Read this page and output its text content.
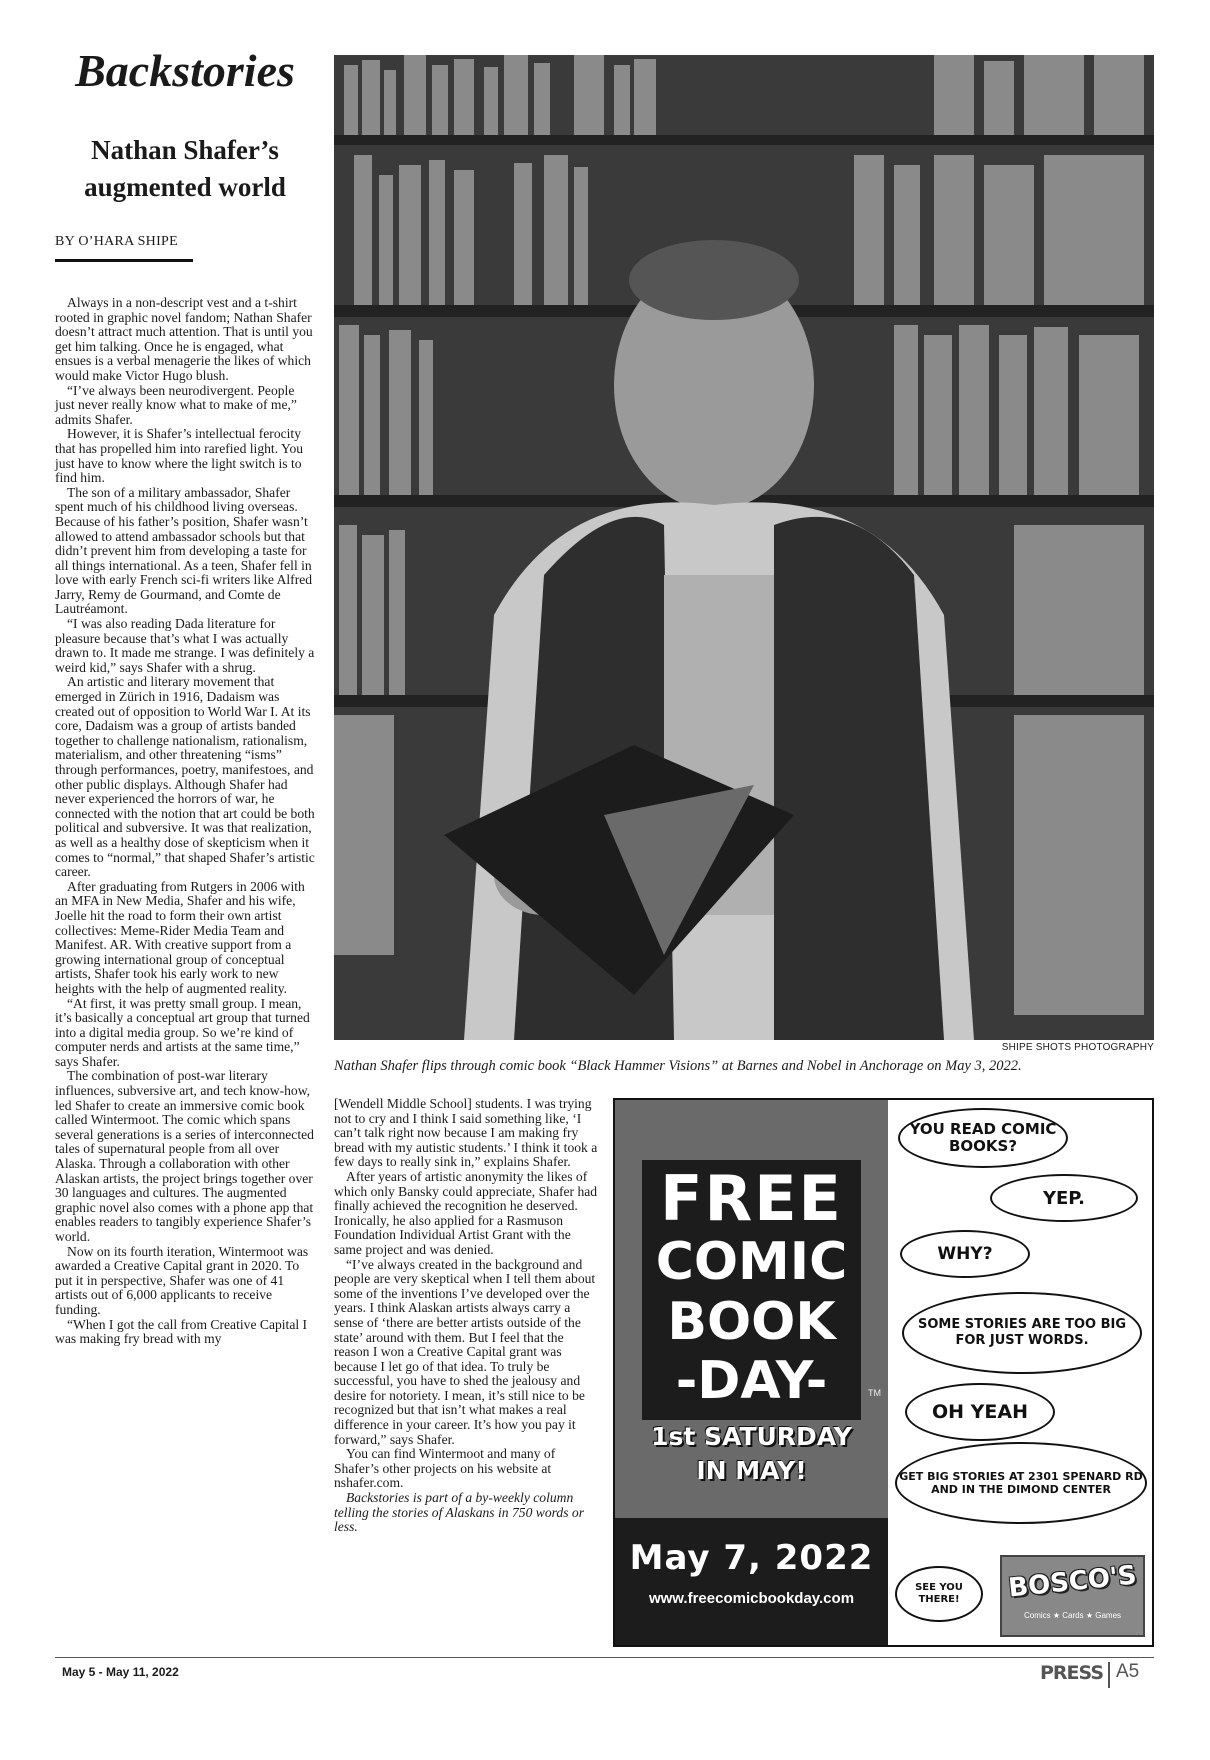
Backstories
Nathan Shafer’s augmented world
BY O’HARA SHIPE

Always in a non-descript vest and a t-shirt rooted in graphic novel fandom; Nathan Shafer doesn’t attract much attention. That is until you get him talking. Once he is engaged, what ensues is a verbal menagerie the likes of which would make Victor Hugo blush.

“I’ve always been neurodivergent. People just never really know what to make of me,” admits Shafer.

However, it is Shafer’s intellectual ferocity that has propelled him into rarefied light. You just have to know where the light switch is to find him.

The son of a military ambassador, Shafer spent much of his childhood living overseas. Because of his father’s position, Shafer wasn’t allowed to attend ambassador schools but that didn’t prevent him from developing a taste for all things international. As a teen, Shafer fell in love with early French sci-fi writers like Alfred Jarry, Remy de Gourmand, and Comte de Lautréamont.

“I was also reading Dada literature for pleasure because that’s what I was actually drawn to. It made me strange. I was definitely a weird kid,” says Shafer with a shrug.

An artistic and literary movement that emerged in Zürich in 1916, Dadaism was created out of opposition to World War I. At its core, Dadaism was a group of artists banded together to challenge nationalism, rationalism, materialism, and other threatening “isms” through performances, poetry, manifestoes, and other public displays. Although Shafer had never experienced the horrors of war, he connected with the notion that art could be both political and subversive. It was that realization, as well as a healthy dose of skepticism when it comes to “normal,” that shaped Shafer’s artistic career.

After graduating from Rutgers in 2006 with an MFA in New Media, Shafer and his wife, Joelle hit the road to form their own artist collectives: Meme-Rider Media Team and Manifest. AR. With creative support from a growing international group of conceptual artists, Shafer took his early work to new heights with the help of augmented reality.

“At first, it was pretty small group. I mean, it’s basically a conceptual art group that turned into a digital media group. So we’re kind of computer nerds and artists at the same time,” says Shafer.

The combination of post-war literary influences, subversive art, and tech know-how, led Shafer to create an immersive comic book called Wintermoot. The comic which spans several generations is a series of interconnected tales of supernatural people from all over Alaska. Through a collaboration with other Alaskan artists, the project brings together over 30 languages and cultures. The augmented graphic novel also comes with a phone app that enables readers to tangibly experience Shafer’s world.

Now on its fourth iteration, Wintermoot was awarded a Creative Capital grant in 2020. To put it in perspective, Shafer was one of 41 artists out of 6,000 applicants to receive funding.

“When I got the call from Creative Capital I was making fry bread with my

SHIPE SHOTS PHOTOGRAPHY
Nathan Shafer flips through comic book “Black Hammer Visions” at Barnes and Nobel in Anchorage on May 3, 2022.

[Wendell Middle School] students. I was trying not to cry and I think I said something like, ‘I can’t talk right now because I am making fry bread with my autistic students.’ I think it took a few days to really sink in,” explains Shafer.

After years of artistic anonymity the likes of which only Bansky could appreciate, Shafer had finally achieved the recognition he deserved. Ironically, he also applied for a Rasmuson Foundation Individual Artist Grant with the same project and was denied.

“I’ve always created in the background and people are very skeptical when I tell them about some of the inventions I’ve developed over the years. I think Alaskan artists always carry a sense of ‘there are better artists outside of the state’ around with them. But I feel that the reason I won a Creative Capital grant was because I let go of that idea. To truly be successful, you have to shed the jealousy and desire for notoriety. I mean, it’s still nice to be recognized but that isn’t what makes a real difference in your career. It’s how you pay it forward,” says Shafer.

You can find Wintermoot and many of Shafer’s other projects on his website at nshafer.com.

Backstories is part of a by-weekly column telling the stories of Alaskans in 750 words or less.

FREE
COMIC
BOOK
-DAY-	TM
1st SATURDAY
IN MAY!
May 7, 2022
www.freecomicbookday.com
YOU READ COMIC BOOKS?
YEP.
WHY?
SOME STORIES ARE TOO BIG FOR JUST WORDS.
OH YEAH
GET BIG STORIES AT 2301 SPENARD RD AND IN THE DIMOND CENTER
SEE YOU THERE!	BOSCO'S
Comics ★ Cards ★ Games
May 5 - May 11, 2022	PRESS A5
